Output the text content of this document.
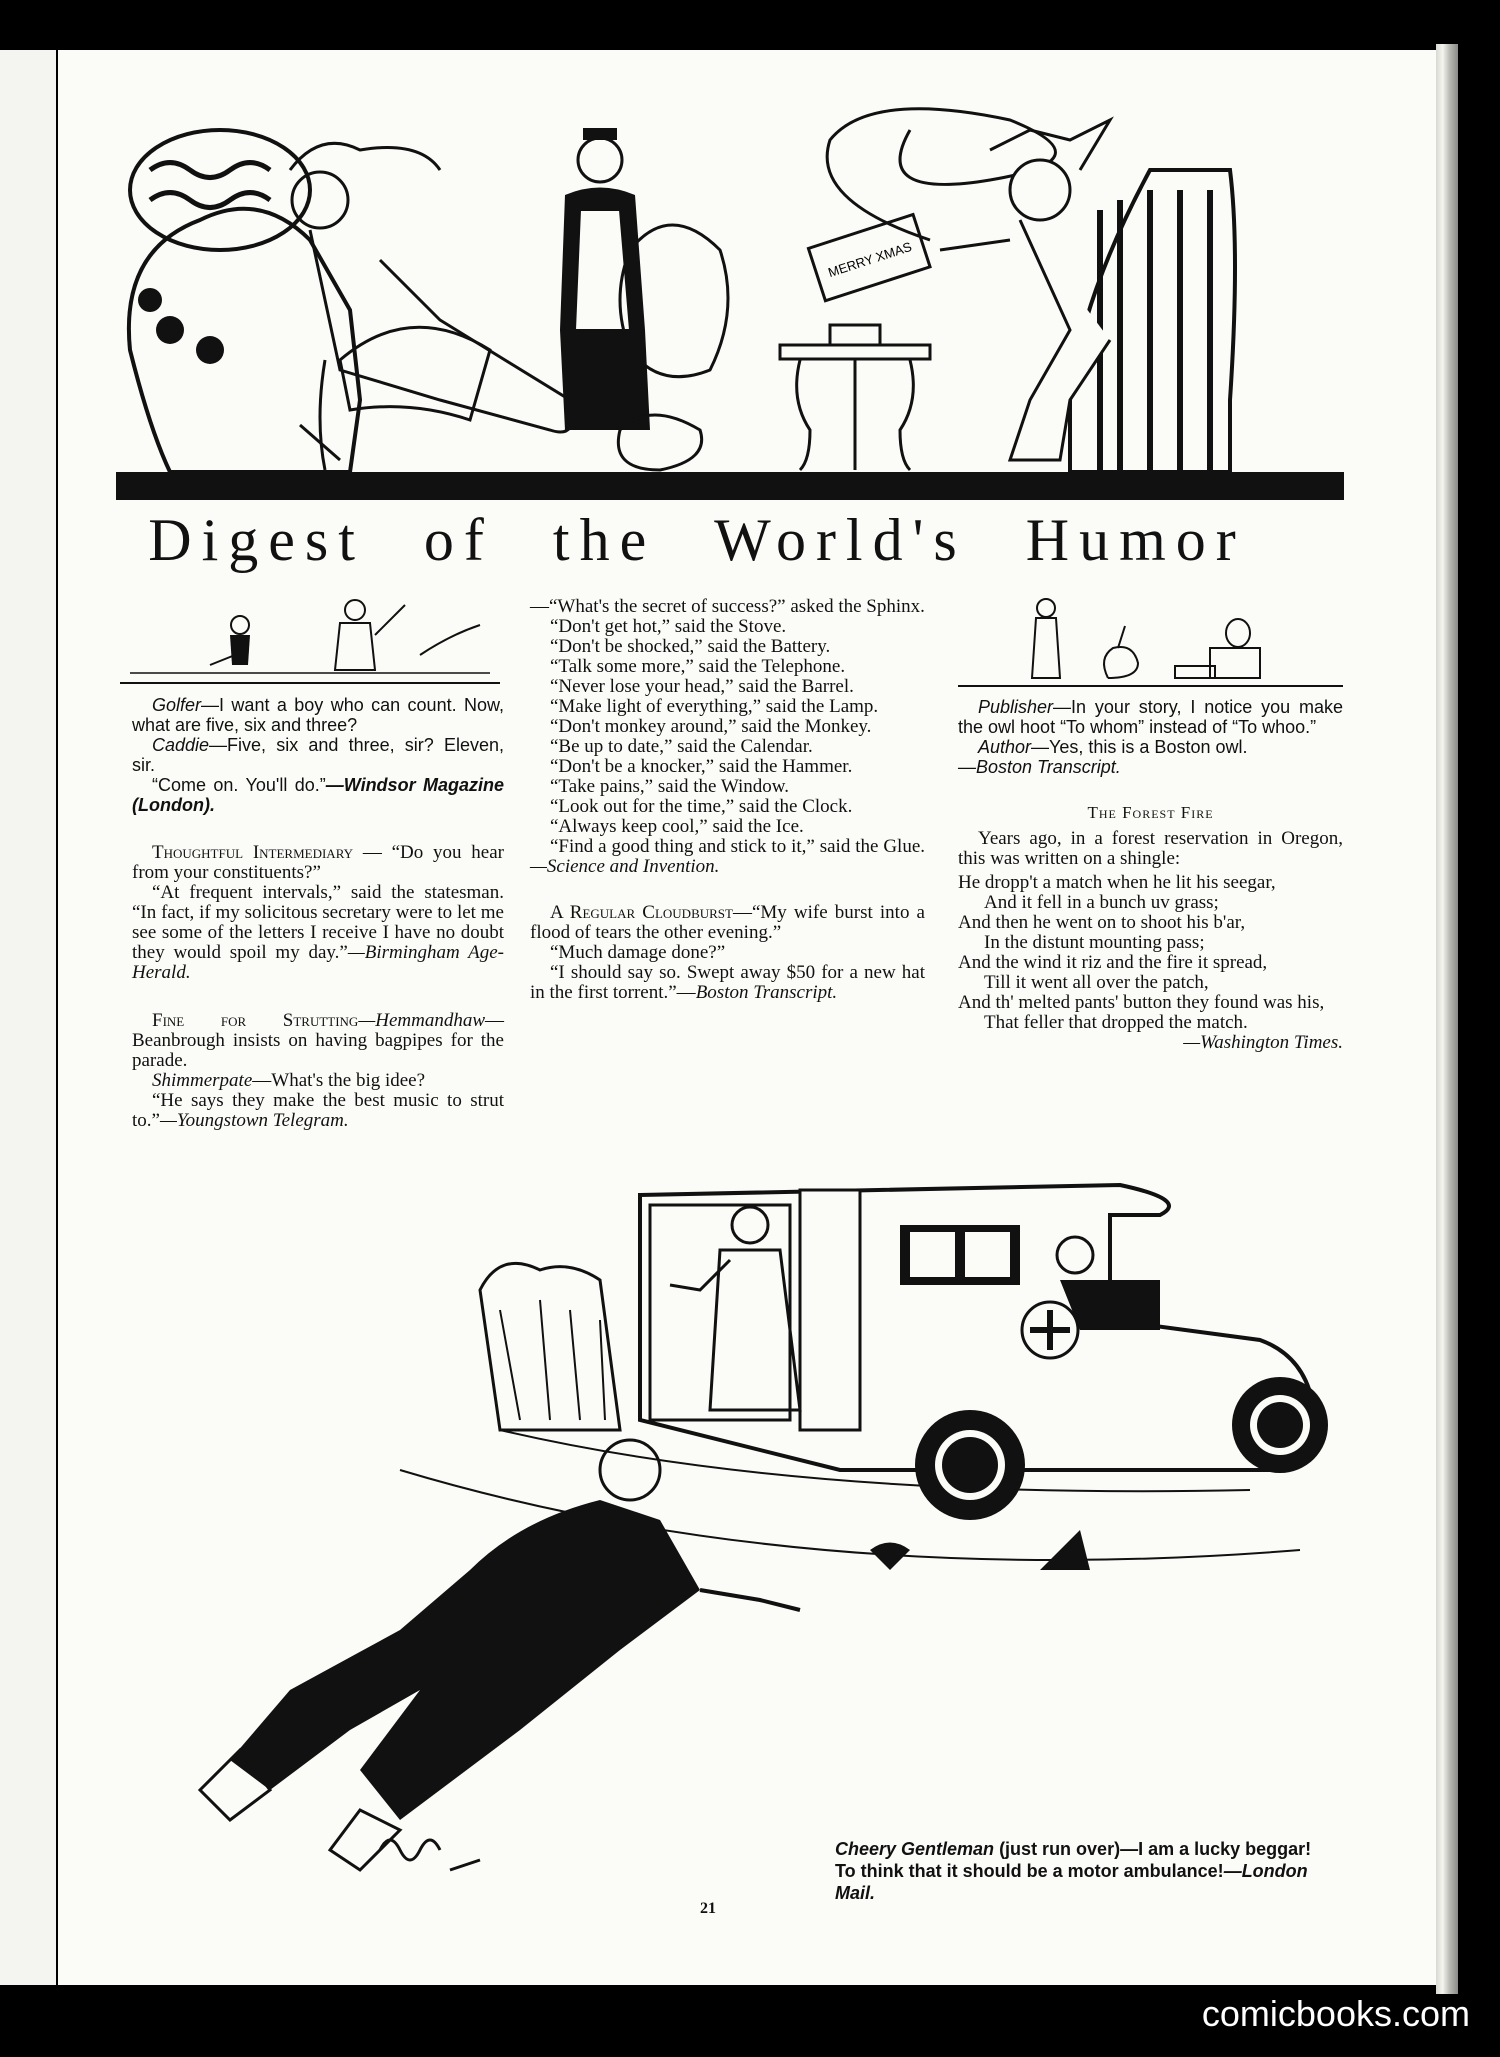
MERRY XMAS
Digest of the World's Humor

Golfer—I want a boy who can count. Now, what are five, six and three?

Caddie—Five, six and three, sir? Eleven, sir.

“Come on. You'll do.”—Windsor Magazine (London).

Thoughtful Intermediary — “Do you hear from your constituents?”

“At frequent intervals,” said the statesman. “In fact, if my solicitous secretary were to let me see some of the letters I receive I have no doubt they would spoil my day.”—Birmingham Age-Herald.

Fine for Strutting—Hemmandhaw—Beanbrough insists on having bagpipes for the parade.

Shimmerpate—What's the big idee?

“He says they make the best music to strut to.”—Youngstown Telegram.

—“What's the secret of success?” asked the Sphinx.

“Don't get hot,” said the Stove.

“Don't be shocked,” said the Battery.

“Talk some more,” said the Telephone.

“Never lose your head,” said the Barrel.

“Make light of everything,” said the Lamp.

“Don't monkey around,” said the Monkey.

“Be up to date,” said the Calendar.

“Don't be a knocker,” said the Hammer.

“Take pains,” said the Window.

“Look out for the time,” said the Clock.

“Always keep cool,” said the Ice.

“Find a good thing and stick to it,” said the Glue.—Science and Invention.

A Regular Cloudburst—“My wife burst into a flood of tears the other evening.”

“Much damage done?”

“I should say so. Swept away $50 for a new hat in the first torrent.”—Boston Transcript.

Publisher—In your story, I notice you make the owl hoot “To whom” instead of “To whoo.”

Author—Yes, this is a Boston owl.

—Boston Transcript.

The Forest Fire

Years ago, in a forest reservation in Oregon, this was written on a shingle:

He dropp't a match when he lit his seegar,

And it fell in a bunch uv grass;

And then he went on to shoot his b'ar,

In the distunt mounting pass;

And the wind it riz and the fire it spread,

Till it went all over the patch,

And th' melted pants' button they found was his,

That feller that dropped the match.

—Washington Times.

Cheery Gentleman (just run over)—I am a lucky beggar! To think that it should be a motor ambulance!—London Mail.
21
comicbooks.com
